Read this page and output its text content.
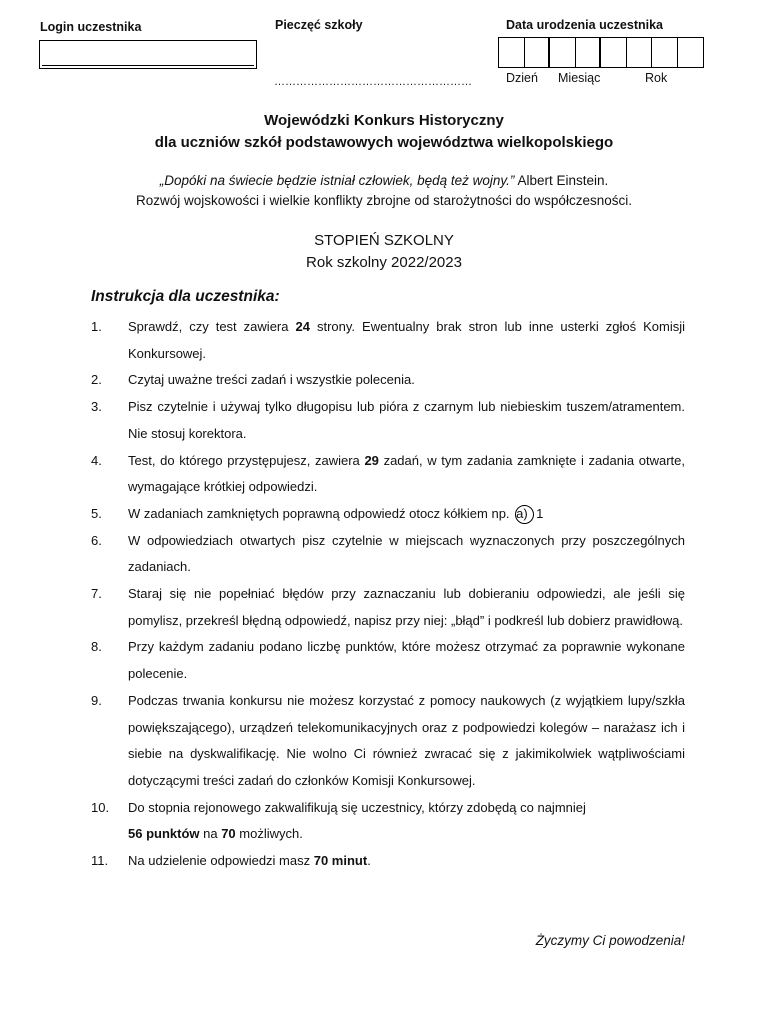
Login uczestnika	Pieczęć szkoły
………………………………………………
Data urodzenia uczestnika
Dzień Miesiąc	Rok
Wojewódzki Konkurs Historyczny
dla uczniów szkół podstawowych województwa wielkopolskiego
„Dopóki na świecie będzie istniał człowiek, będą też wojny.” Albert Einstein.
Rozwój wojskowości i wielkie konflikty zbrojne od starożytności do współczesności.
STOPIEŃ SZKOLNY
Rok szkolny 2022/2023
Instrukcja dla uczestnika:
1.	Sprawdź, czy test zawiera 24 strony. Ewentualny brak stron lub inne usterki zgłoś Komisji Konkursowej.
2.	Czytaj uważne treści zadań i wszystkie polecenia.
3.	Pisz czytelnie i używaj tylko długopisu lub pióra z czarnym lub niebieskim tuszem/atramentem. Nie stosuj korektora.
4.	Test, do którego przystępujesz, zawiera 29 zadań, w tym zadania zamknięte i zadania otwarte, wymagające krótkiej odpowiedzi.
5.	W zadaniach zamkniętych poprawną odpowiedź otocz kółkiem np. a) 1
6.	W odpowiedziach otwartych pisz czytelnie w miejscach wyznaczonych przy poszczególnych zadaniach.
7.	Staraj się nie popełniać błędów przy zaznaczaniu lub dobieraniu odpowiedzi, ale jeśli się pomylisz, przekreśl błędną odpowiedź, napisz przy niej: „błąd” i podkreśl lub dobierz prawidłową.
8.	Przy każdym zadaniu podano liczbę punktów, które możesz otrzymać za poprawnie wykonane polecenie.
9.	Podczas trwania konkursu nie możesz korzystać z pomocy naukowych (z wyjątkiem lupy/szkła powiększającego), urządzeń telekomunikacyjnych oraz z podpowiedzi kolegów – narażasz ich i siebie na dyskwalifikację. Nie wolno Ci również zwracać się z jakimikolwiek wątpliwościami dotyczącymi treści zadań do członków Komisji Konkursowej.
10.	Do stopnia rejonowego zakwalifikują się uczestnicy, którzy zdobędą co najmniej
56 punktów na 70 możliwych.
11.	Na udzielenie odpowiedzi masz 70 minut.
Życzymy Ci powodzenia!
